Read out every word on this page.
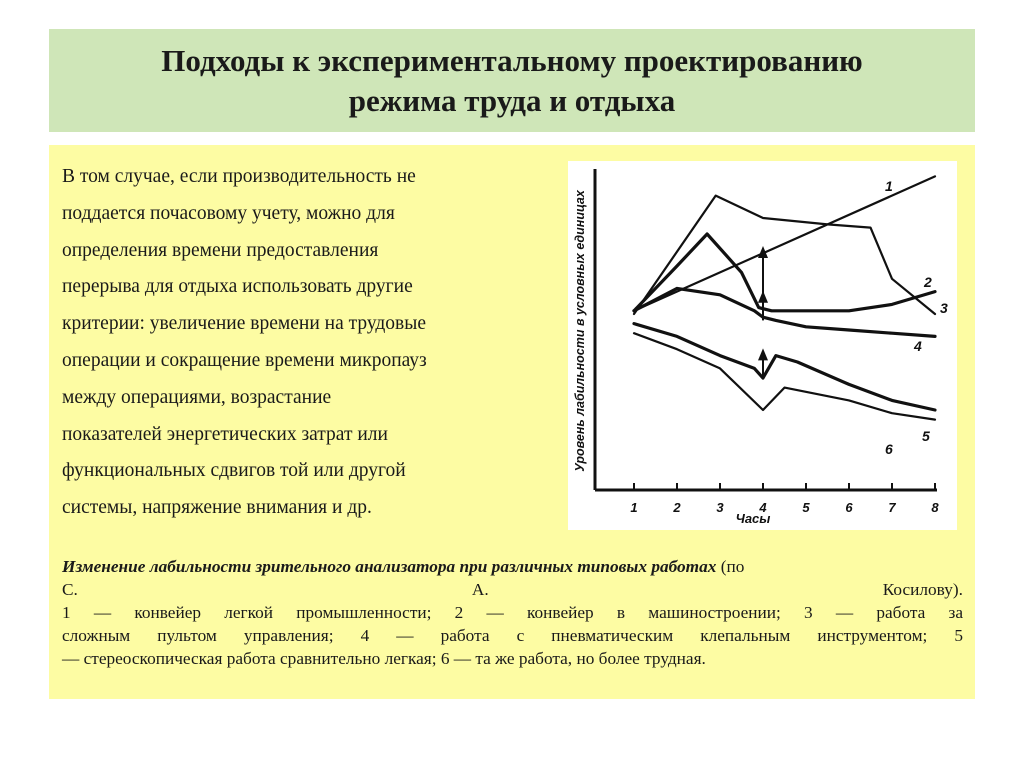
Подходы к экспериментальному проектированию
режима труда и отдыха

В том случае, если производительность не

поддается почасовому учету, можно для

определения времени предоставления

перерыва для отдыха использовать другие

критерии: увеличение времени на трудовые

операции и сокращение времени микропауз

между операциями, возрастание

показателей энергетических затрат или

функциональных сдвигов той или другой

системы, напряжение внимания и др.	1	2	3	4	5	6	7	8
Часы
Уровень лабильности в условных единицах
1
2
3
4
5
6
Изменение лабильности зрительного анализатора при различных типовых работах (по
С.	А.	Косилову).
1 — конвейер легкой промышленности; 2 — конвейер в машиностроении; 3 — работа за
сложным пультом управления; 4 — работа с пневматическим клепальным инструментом; 5
— стереоскопическая работа сравнительно легкая; 6 — та же работа, но более трудная.
